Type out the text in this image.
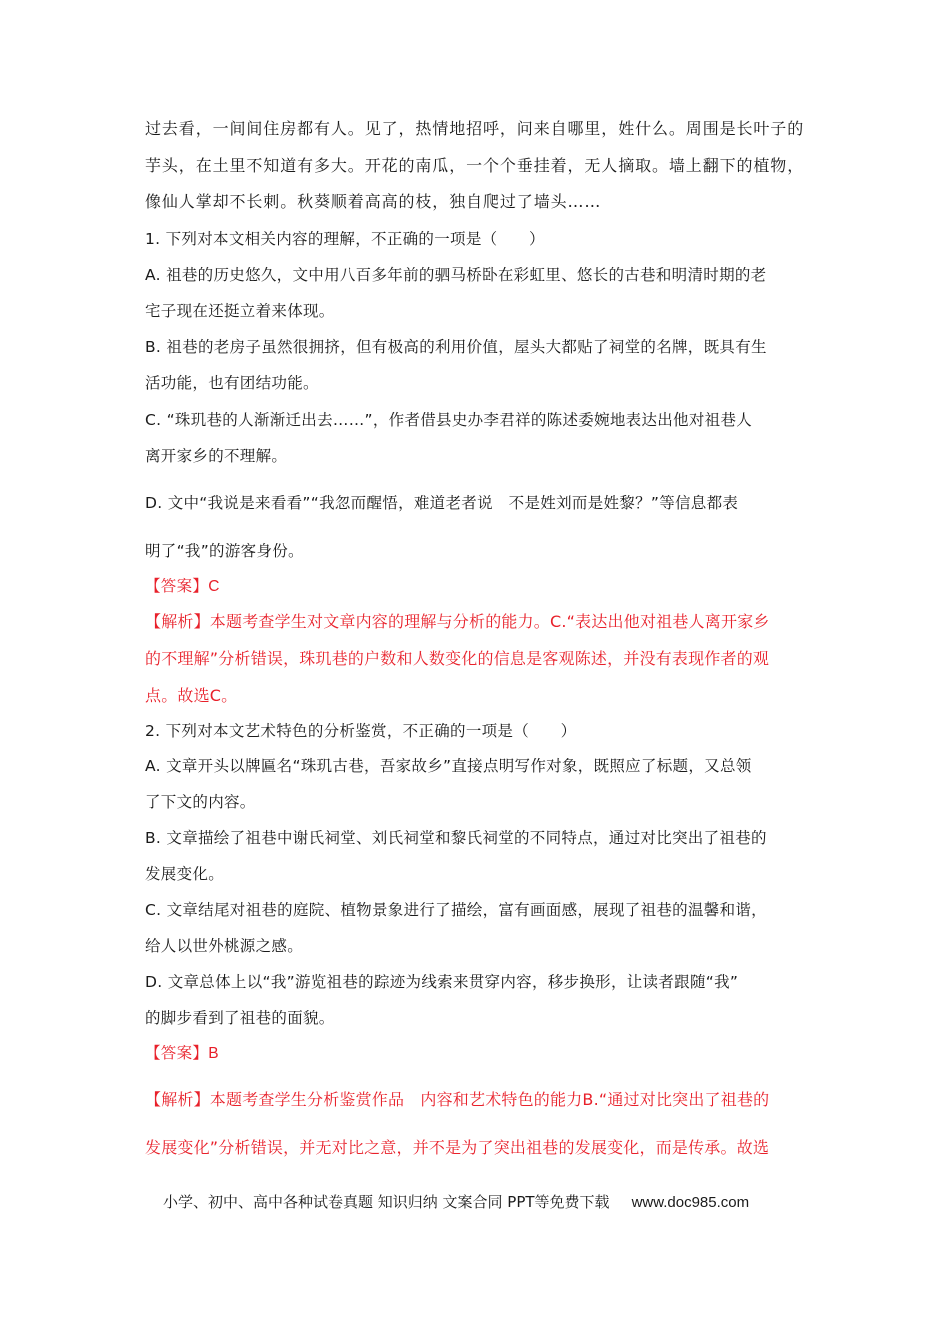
过去看，一间间住房都有人。见了，热情地招呼，问来自哪里，姓什么。周围是长叶子的
芋头，在土里不知道有多大。开花的南瓜，一个个垂挂着，无人摘取。墙上翻下的植物，
像仙人掌却不长刺。秋葵顺着高高的枝，独自爬过了墙头……
1. 下列对本文相关内容的理解，不正确的一项是（　　）
A. 祖巷的历史悠久，文中用八百多年前的驷马桥卧在彩虹里、悠长的古巷和明清时期的老
宅子现在还挺立着来体现。
B. 祖巷的老房子虽然很拥挤，但有极高的利用价值，屋头大都贴了祠堂的名牌，既具有生
活功能，也有团结功能。
C. “珠玑巷的人渐渐迁出去……”，作者借县史办李君祥的陈述委婉地表达出他对祖巷人
离开家乡的不理解。
D. 文中“我说是来看看”“我忽而醒悟，难道老者说　不是姓刘而是姓黎？”等信息都表
明了“我”的游客身份。
【答案】C
【解析】本题考查学生对文章内容的理解与分析的能力。C.“表达出他对祖巷人离开家乡
的不理解”分析错误，珠玑巷的户数和人数变化的信息是客观陈述，并没有表现作者的观
点。故选C。
2. 下列对本文艺术特色的分析鉴赏，不正确的一项是（　　）
A. 文章开头以牌匾名“珠玑古巷，吾家故乡”直接点明写作对象，既照应了标题，又总领
了下文的内容。
B. 文章描绘了祖巷中谢氏祠堂、刘氏祠堂和黎氏祠堂的不同特点，通过对比突出了祖巷的
发展变化。
C. 文章结尾对祖巷的庭院、植物景象进行了描绘，富有画面感，展现了祖巷的温馨和谐，
给人以世外桃源之感。
D. 文章总体上以“我”游览祖巷的踪迹为线索来贯穿内容，移步换形，让读者跟随“我”
的脚步看到了祖巷的面貌。
【答案】B
【解析】本题考查学生分析鉴赏作品　内容和艺术特色的能力B.“通过对比突出了祖巷的
发展变化”分析错误，并无对比之意，并不是为了突出祖巷的发展变化，而是传承。故选
小学、初中、高中各种试卷真题 知识归纳 文案合同 PPT等免费下载 www.doc985.com
